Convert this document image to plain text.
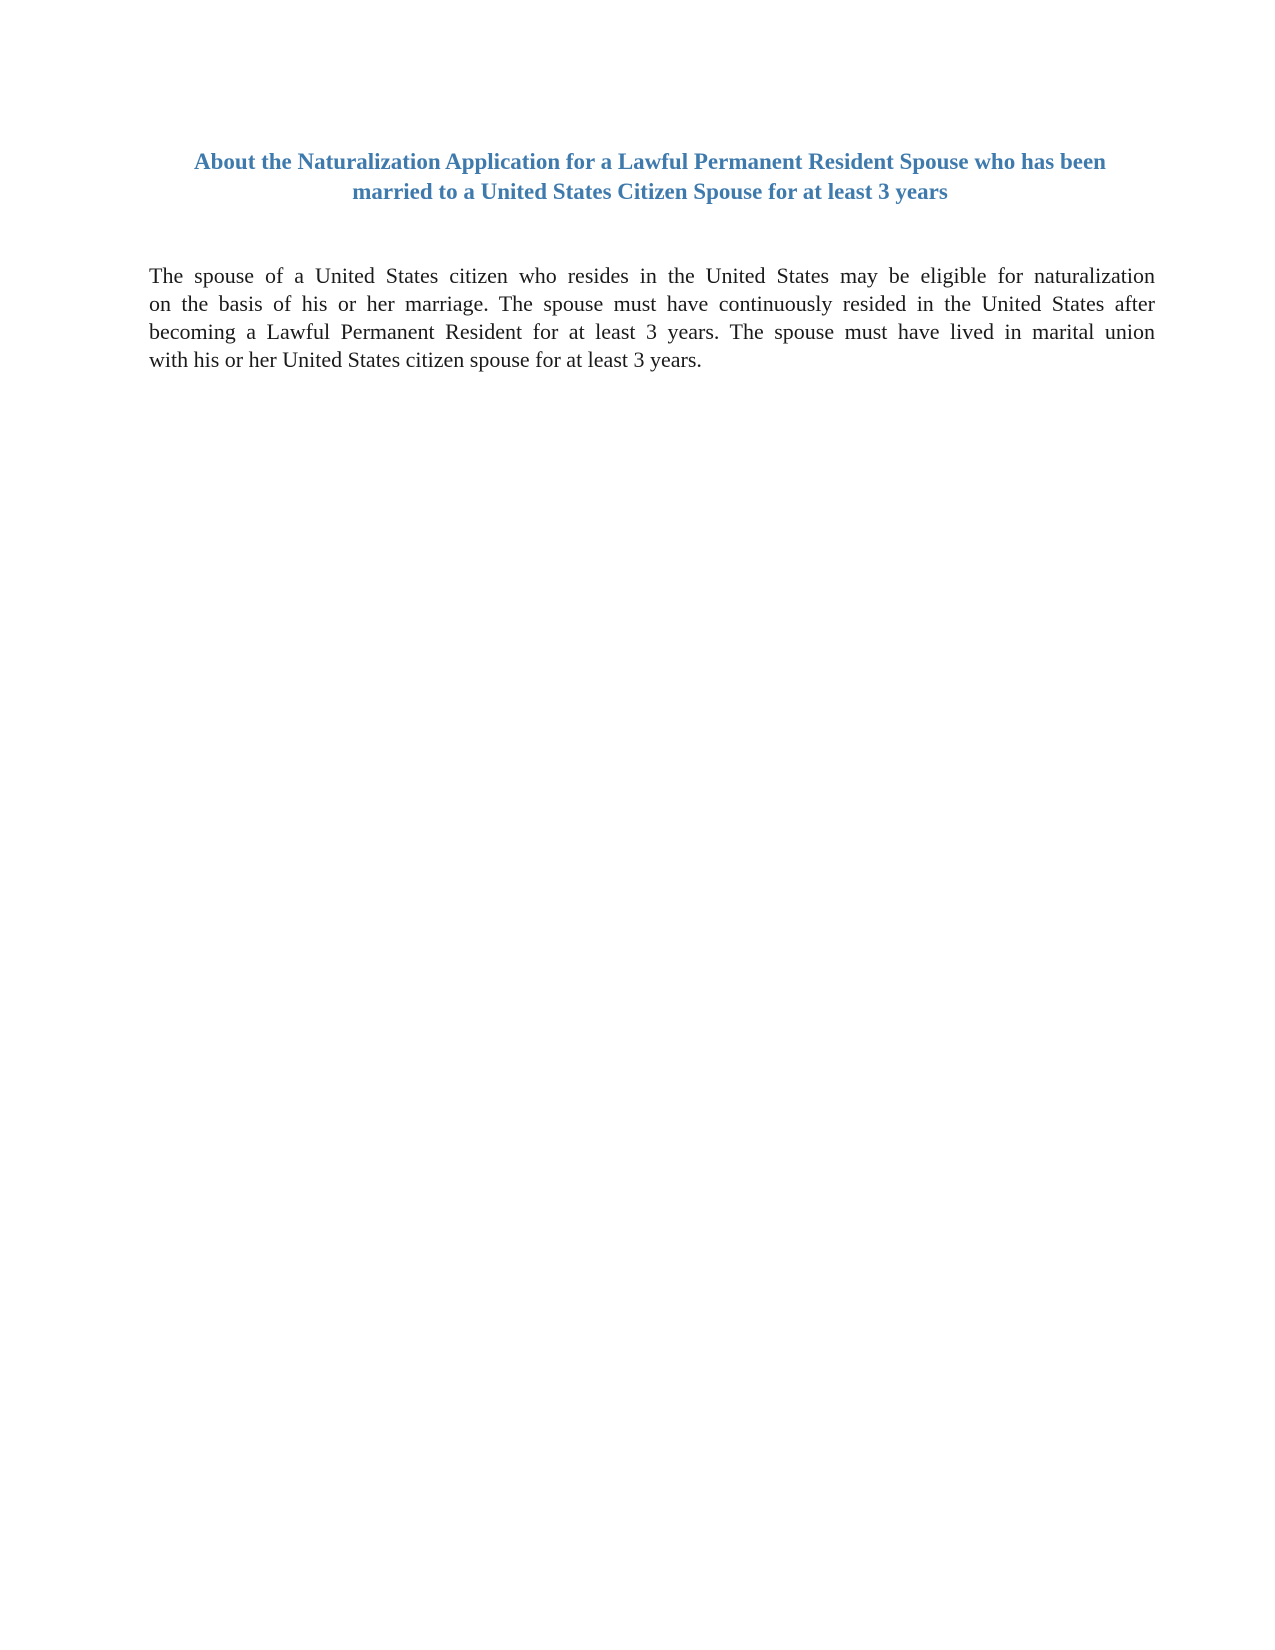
About the Naturalization Application for a Lawful Permanent Resident Spouse who has been
married to a United States Citizen Spouse for at least 3 years

The spouse of a United States citizen who resides in the United States may be eligible for naturalization
on the basis of his or her marriage. The spouse must have continuously resided in the United States after
becoming a Lawful Permanent Resident for at least 3 years. The spouse must have lived in marital union
with his or her United States citizen spouse for at least 3 years.
